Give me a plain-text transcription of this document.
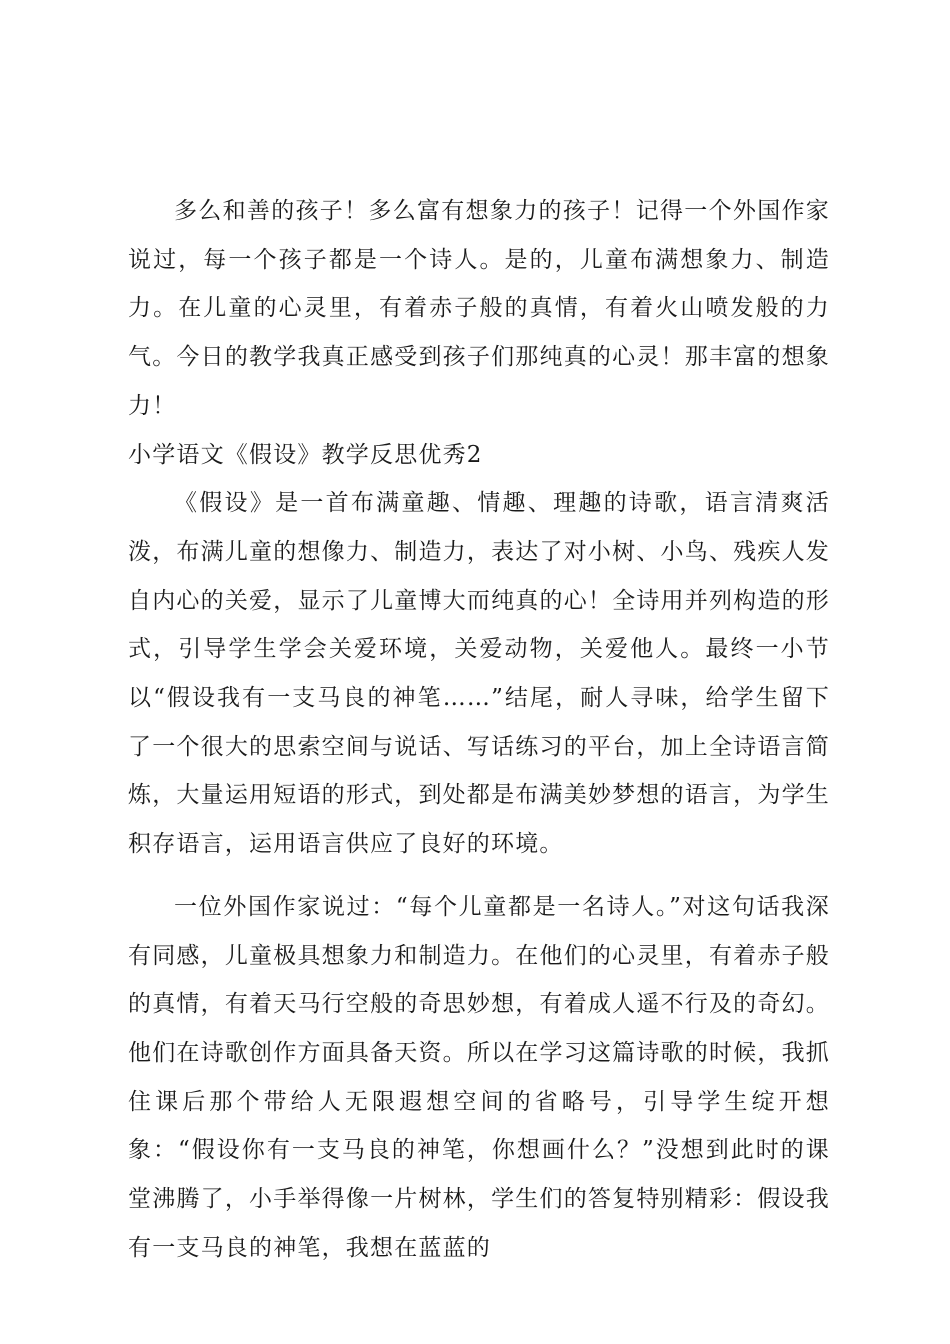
多么和善的孩子！多么富有想象力的孩子！记得一个外国作家说过，每一个孩子都是一个诗人。是的，儿童布满想象力、制造力。在儿童的心灵里，有着赤子般的真情，有着火山喷发般的力气。今日的教学我真正感受到孩子们那纯真的心灵！那丰富的想象力！

小学语文《假设》教学反思优秀2

《假设》是一首布满童趣、情趣、理趣的诗歌，语言清爽活泼，布满儿童的想像力、制造力，表达了对小树、小鸟、残疾人发自内心的关爱，显示了儿童博大而纯真的心！全诗用并列构造的形式，引导学生学会关爱环境，关爱动物，关爱他人。最终一小节以“假设我有一支马良的神笔……”结尾，耐人寻味，给学生留下了一个很大的思索空间与说话、写话练习的平台，加上全诗语言简炼，大量运用短语的形式，到处都是布满美妙梦想的语言，为学生积存语言，运用语言供应了良好的环境。

一位外国作家说过：“每个儿童都是一名诗人。”对这句话我深有同感，儿童极具想象力和制造力。在他们的心灵里，有着赤子般的真情，有着天马行空般的奇思妙想，有着成人遥不行及的奇幻。他们在诗歌创作方面具备天资。所以在学习这篇诗歌的时候，我抓住课后那个带给人无限遐想空间的省略号，引导学生绽开想象：“假设你有一支马良的神笔，你想画什么？”没想到此时的课堂沸腾了，小手举得像一片树林，学生们的答复特别精彩：假设我有一支马良的神笔，我想在蓝蓝的
